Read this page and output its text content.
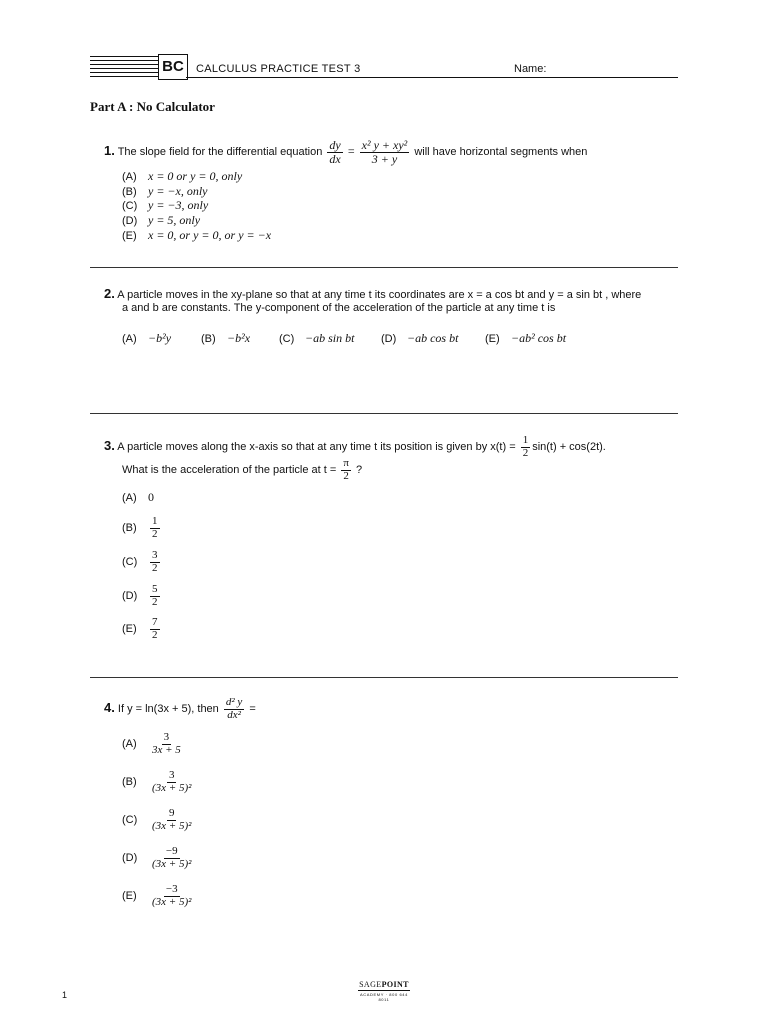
BC	CALCULUS PRACTICE TEST 3	Name:
Part A : No Calculator
1. The slope field for the differential equation $\frac{dy}{dx} = \frac{\text{x² y + xy²}}{3 + y}$ will have horizontal segments when
(A) x = 0 or y = 0, only
(B) y = −x, only
(C) y = −3, only
(D) y = 5, only
(E) x = 0, or y = 0, or y = −x
2. A particle moves in the xy-plane so that at any time t its coordinates are x = a cos bt and y = a sin bt , where
a and b are constants. The y-component of the acceleration of the particle at any time t is
(A) −b²y	(B) −b²x	(C) −ab sin bt (D) −ab cos bt (E) −ab² cos bt
3. A particle moves along the x-axis so that at any time t its position is given by $x(t) = \frac{1}{2} \sin(t) + \cos(2t)$.
What is the acceleration of the particle at $t = \frac{\pi}{2}$ ?
(A) 0
$(B) \frac{1}{2}$
$(C) \frac{3}{2}$
$(D) \frac{5}{2}$
$(E) \frac{7}{2}$
4. If y = ln(3x + 5), then $\frac{\text{d² y}}{\text{dx²}}$ =
$(A) \frac{3}{3x + 5}$
$(B) \frac{3}{\text{(3x + 5)²}}$
$(C) \frac{9}{\text{(3x + 5)²}}$
$(D) \frac{-9}{\text{(3x + 5)²}}$
$(E) \frac{-3}{\text{(3x + 5)²}}$
SAGEPOINT
ACADEMY · 800 644 8011
1
